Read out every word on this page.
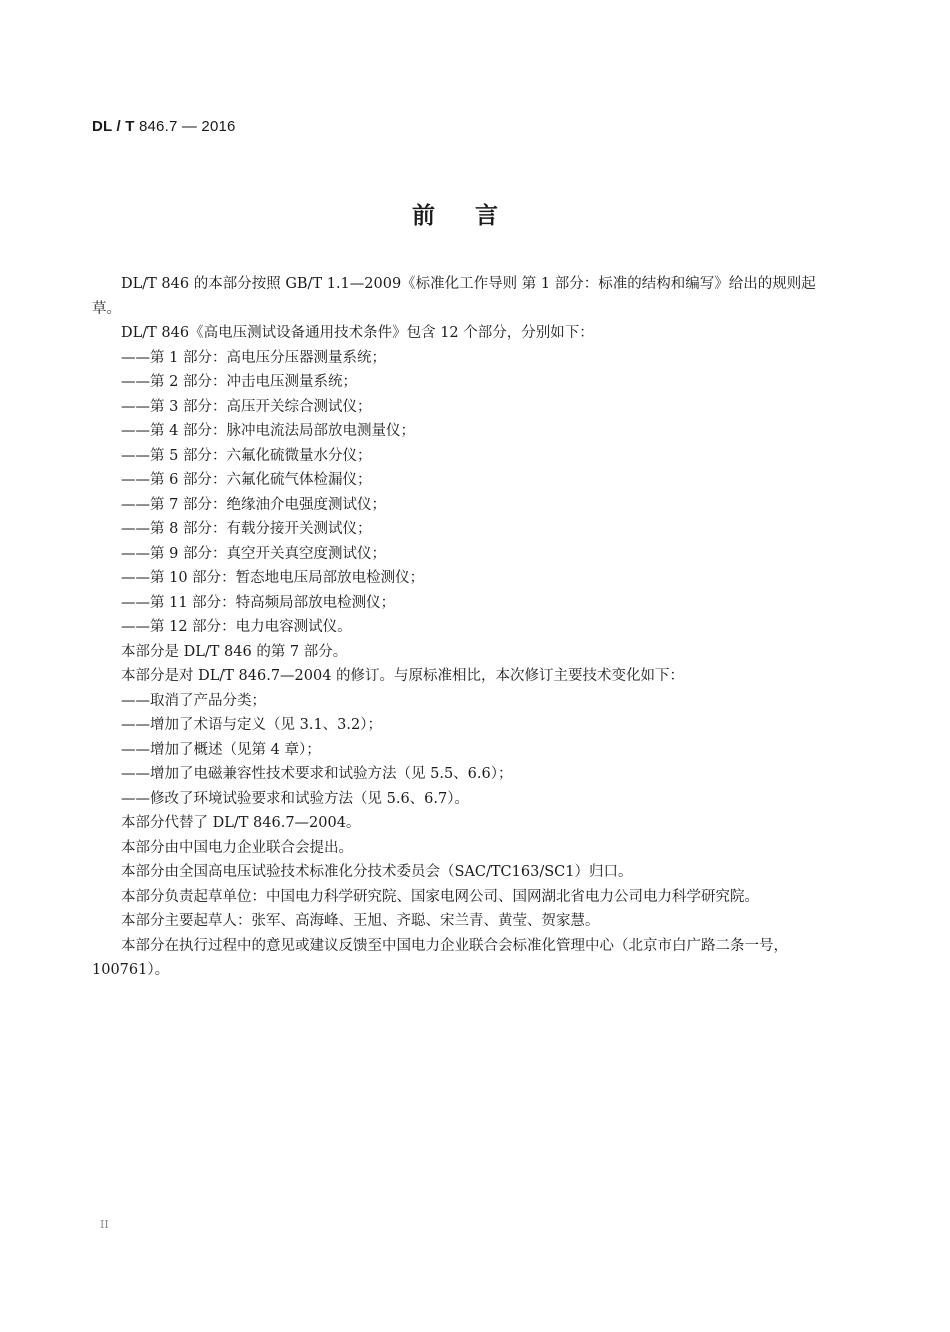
DL / T 846.7 — 2016
前言

DL/T 846 的本部分按照 GB/T 1.1—2009《标准化工作导则 第 1 部分：标准的结构和编写》给出的规则起草。

DL/T 846《高电压测试设备通用技术条件》包含 12 个部分，分别如下：

——第 1 部分：高电压分压器测量系统；

——第 2 部分：冲击电压测量系统；

——第 3 部分：高压开关综合测试仪；

——第 4 部分：脉冲电流法局部放电测量仪；

——第 5 部分：六氟化硫微量水分仪；

——第 6 部分：六氟化硫气体检漏仪；

——第 7 部分：绝缘油介电强度测试仪；

——第 8 部分：有载分接开关测试仪；

——第 9 部分：真空开关真空度测试仪；

——第 10 部分：暂态地电压局部放电检测仪；

——第 11 部分：特高频局部放电检测仪；

——第 12 部分：电力电容测试仪。

本部分是 DL/T 846 的第 7 部分。

本部分是对 DL/T 846.7—2004 的修订。与原标准相比，本次修订主要技术变化如下：

——取消了产品分类；

——增加了术语与定义（见 3.1、3.2）；

——增加了概述（见第 4 章）；

——增加了电磁兼容性技术要求和试验方法（见 5.5、6.6）；

——修改了环境试验要求和试验方法（见 5.6、6.7）。

本部分代替了 DL/T 846.7—2004。

本部分由中国电力企业联合会提出。

本部分由全国高电压试验技术标准化分技术委员会（SAC/TC163/SC1）归口。

本部分负责起草单位：中国电力科学研究院、国家电网公司、国网湖北省电力公司电力科学研究院。

本部分主要起草人：张军、高海峰、王旭、齐聪、宋兰青、黄莹、贺家慧。

本部分在执行过程中的意见或建议反馈至中国电力企业联合会标准化管理中心（北京市白广路二条一号，100761）。

II
